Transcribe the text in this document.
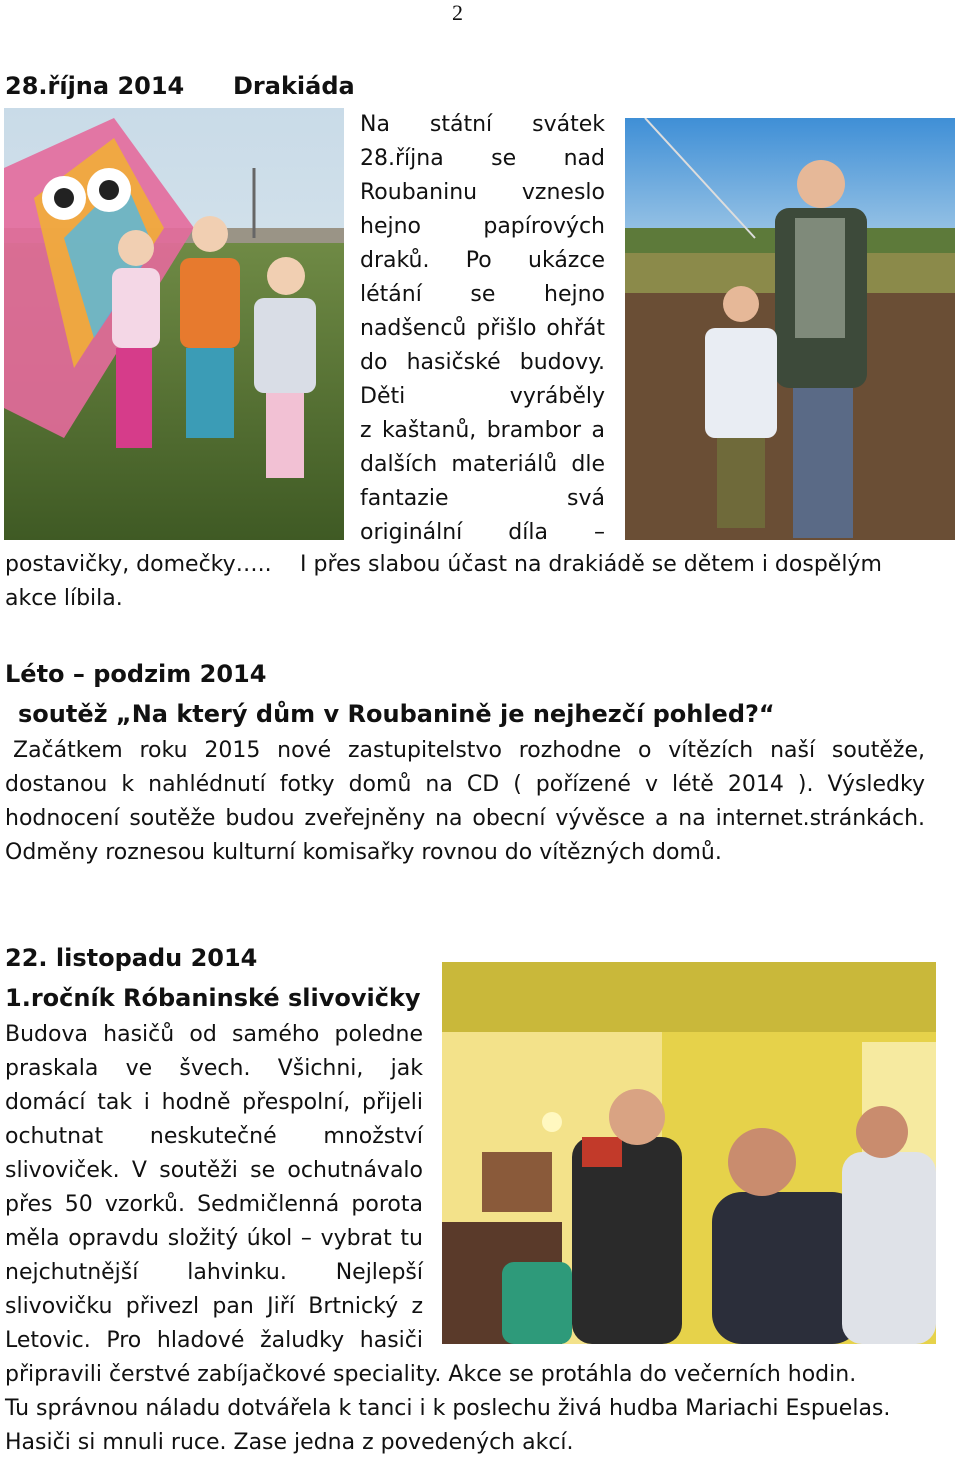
2
28.října 2014 Drakiáda

Na státní svátek

28.října se nad

Roubaninu vzneslo

hejno papírových

draků. Po ukázce

létání se hejno

nadšenců přišlo ohřát

do hasičské budovy.

Děti vyráběly

z kaštanů, brambor a

dalších materiálů dle

fantazie svá

originální díla –

postavičky, domečky….. I přes slabou účast na drakiádě se dětem i dospělým
akce líbila.
Léto – podzim 2014
soutěž „Na který dům v Roubanině je nejhezčí pohled?“

Začátkem roku 2015 nové zastupitelstvo rozhodne o vítězích naší soutěže,

dostanou k nahlédnutí fotky domů na CD ( pořízené v létě 2014 ). Výsledky

hodnocení soutěže budou zveřejněny na obecní vývěsce a na internet.stránkách.

Odměny roznesou kulturní komisařky rovnou do vítězných domů.

22. listopadu 2014
1.ročník Róbaninské slivovičky

Budova hasičů od samého poledne

praskala ve švech. Všichni, jak

domácí tak i hodně přespolní, přijeli

ochutnat neskutečné množství

slivoviček. V soutěži se ochutnávalo

přes 50 vzorků. Sedmičlenná porota

měla opravdu složitý úkol – vybrat tu

nejchutnější lahvinku. Nejlepší

slivovičku přivezl pan Jiří Brtnický z

Letovic. Pro hladové žaludky hasiči

připravili čerstvé zabíjačkové speciality. Akce se protáhla do večerních hodin.
Tu správnou náladu dotvářela k tanci i k poslechu živá hudba Mariachi Espuelas.
Hasiči si mnuli ruce. Zase jedna z povedených akcí.
